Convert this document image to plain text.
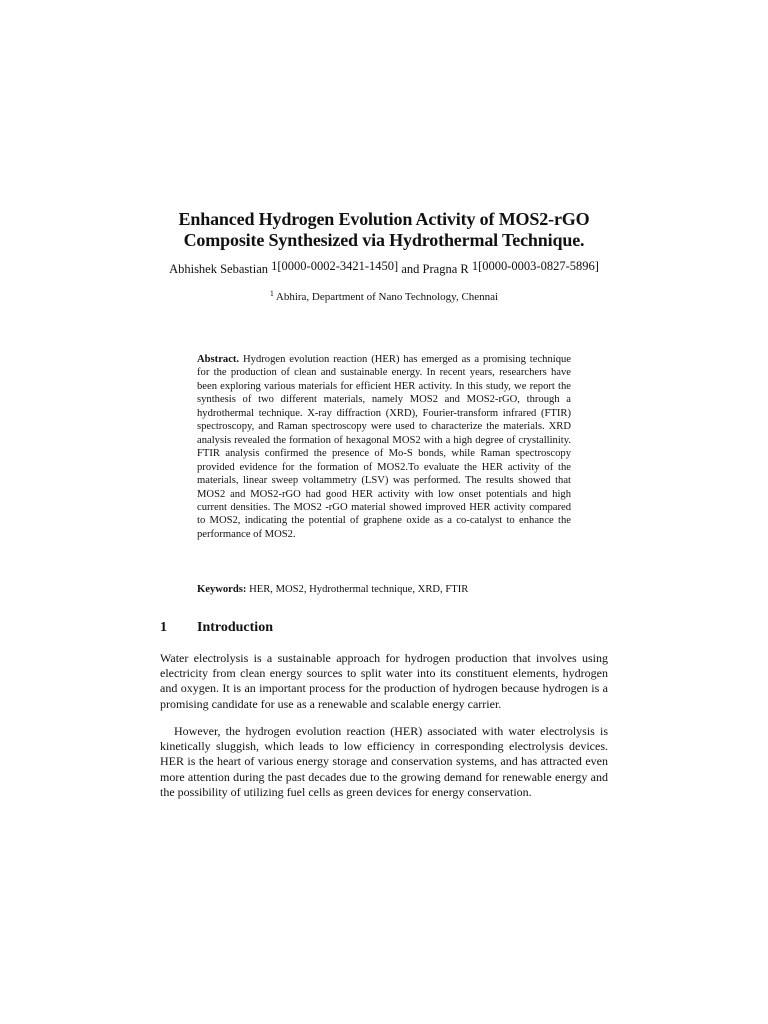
Enhanced Hydrogen Evolution Activity of MOS2-rGO
Composite Synthesized via Hydrothermal Technique.
Abhishek Sebastian 1[0000-0002-3421-1450] and Pragna R 1[0000-0003-0827-5896]
$^1$ Abhira, Department of Nano Technology, Chennai
Abstract. Hydrogen evolution reaction (HER) has emerged as a promising technique for the production of clean and sustainable energy. In recent years, researchers have been exploring various materials for efficient HER activity. In this study, we report the synthesis of two different materials, namely MOS2 and MOS2-rGO, through a hydrothermal technique. X-ray diffraction (XRD), Fourier-transform infrared (FTIR) spectroscopy, and Raman spectroscopy were used to characterize the materials. XRD analysis revealed the formation of hexagonal MOS2 with a high degree of crystallinity. FTIR analysis confirmed the presence of Mo-S bonds, while Raman spectroscopy provided evidence for the formation of MOS2.To evaluate the HER activity of the materials, linear sweep voltammetry (LSV) was performed. The results showed that MOS2 and MOS2-rGO had good HER activity with low onset potentials and high current densities. The MOS2 -rGO material showed improved HER activity compared to MOS2, indicating the potential of graphene oxide as a co-catalyst to enhance the performance of MOS2.
Keywords: HER, MOS2, Hydrothermal technique, XRD, FTIR
1 Introduction

Water electrolysis is a sustainable approach for hydrogen production that involves using electricity from clean energy sources to split water into its constituent elements, hydrogen and oxygen. It is an important process for the production of hydrogen because hydrogen is a promising candidate for use as a renewable and scalable energy carrier.

However, the hydrogen evolution reaction (HER) associated with water electrolysis is kinetically sluggish, which leads to low efficiency in corresponding electrolysis devices. HER is the heart of various energy storage and conservation systems, and has attracted even more attention during the past decades due to the growing demand for renewable energy and the possibility of utilizing fuel cells as green devices for energy conservation.
